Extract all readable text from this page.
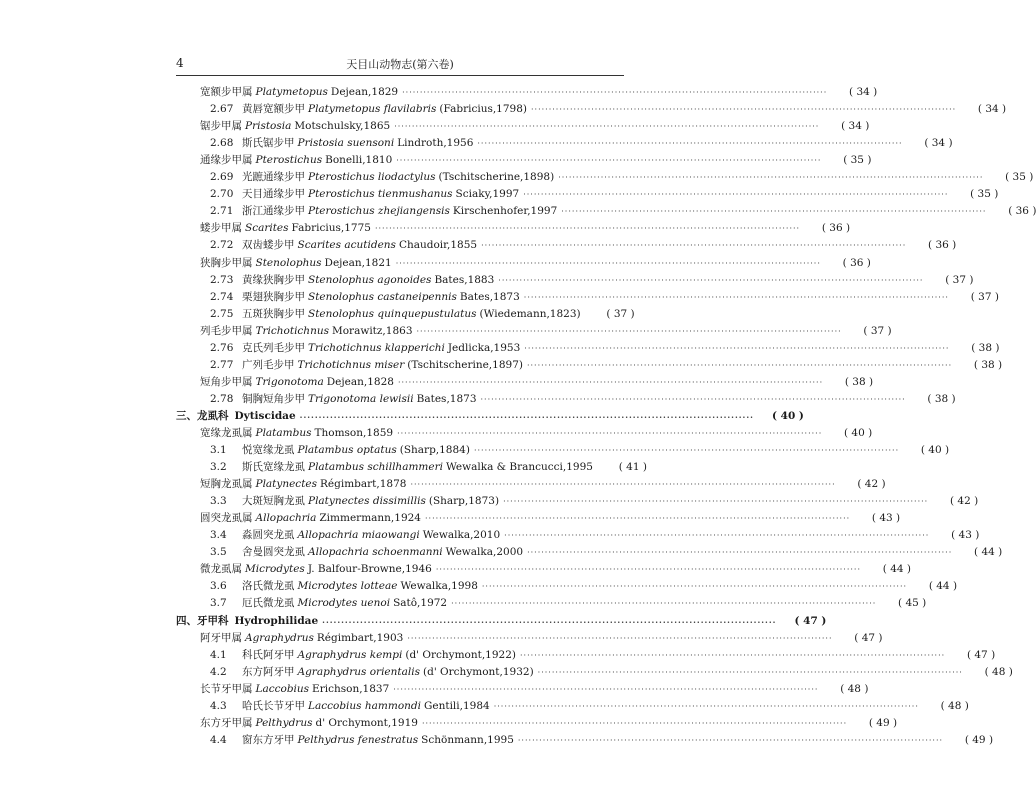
4	天目山动物志(第六卷)
宽额步甲属 Platymetopus Dejean,1829 ························································································································	( 34 )
2.67 黄唇宽额步甲 Platymetopus flavilabris (Fabricius,1798) ························································································································	( 34 )
锯步甲属 Pristosia Motschulsky,1865 ························································································································	( 34 )
2.68 斯氏锯步甲 Pristosia suensoni Lindroth,1956 ························································································································	( 34 )
通缘步甲属 Pterostichus Bonelli,1810 ························································································································	( 35 )
2.69 光蹠通缘步甲 Pterostichus liodactylus (Tschitscherine,1898) ························································································································	( 35 )
2.70 天目通缘步甲 Pterostichus tienmushanus Sciaky,1997 ························································································································	( 35 )
2.71 浙江通缘步甲 Pterostichus zhejiangensis Kirschenhofer,1997 ························································································································	( 36 )
蝼步甲属 Scarites Fabricius,1775 ························································································································	( 36 )
2.72 双齿蝼步甲 Scarites acutidens Chaudoir,1855 ························································································································	( 36 )
狭胸步甲属 Stenolophus Dejean,1821 ························································································································	( 36 )
2.73 黄缘狭胸步甲 Stenolophus agonoides Bates,1883 ························································································································	( 37 )
2.74 栗翅狭胸步甲 Stenolophus castaneipennis Bates,1873 ························································································································	( 37 )
2.75 五斑狭胸步甲 Stenolophus quinquepustulatus (Wiedemann,1823)	( 37 )
列毛步甲属 Trichotichnus Morawitz,1863 ························································································································	( 37 )
2.76 克氏列毛步甲 Trichotichnus klapperichi Jedlicka,1953 ························································································································	( 38 )
2.77 广列毛步甲 Trichotichnus miser (Tschitscherine,1897) ························································································································	( 38 )
短角步甲属 Trigonotoma Dejean,1828 ························································································································	( 38 )
2.78 铜胸短角步甲 Trigonotoma lewisii Bates,1873 ························································································································	( 38 )
三、龙虱科 Dytiscidae ························································································································	( 40 )
宽缘龙虱属 Platambus Thomson,1859 ························································································································	( 40 )
3.1 悦宽缘龙虱 Platambus optatus (Sharp,1884) ························································································································	( 40 )
3.2 斯氏宽缘龙虱 Platambus schillhammeri Wewalka & Brancucci,1995	( 41 )
短胸龙虱属 Platynectes Régimbart,1878 ························································································································	( 42 )
3.3 大斑短胸龙虱 Platynectes dissimillis (Sharp,1873) ························································································································	( 42 )
圆突龙虱属 Allopachria Zimmermann,1924 ························································································································	( 43 )
3.4 淼圆突龙虱 Allopachria miaowangi Wewalka,2010 ························································································································	( 43 )
3.5 舍曼圆突龙虱 Allopachria schoenmanni Wewalka,2000 ························································································································	( 44 )
微龙虱属 Microdytes J. Balfour-Browne,1946 ························································································································	( 44 )
3.6 洛氏微龙虱 Microdytes lotteae Wewalka,1998 ························································································································	( 44 )
3.7 厄氏微龙虱 Microdytes uenoi Satô,1972 ························································································································	( 45 )
四、牙甲科 Hydrophilidae ························································································································	( 47 )
阿牙甲属 Agraphydrus Régimbart,1903 ························································································································	( 47 )
4.1 科氏阿牙甲 Agraphydrus kempi (d' Orchymont,1922) ························································································································	( 47 )
4.2 东方阿牙甲 Agraphydrus orientalis (d' Orchymont,1932) ························································································································	( 48 )
长节牙甲属 Laccobius Erichson,1837 ························································································································	( 48 )
4.3 哈氏长节牙甲 Laccobius hammondi Gentili,1984 ························································································································	( 48 )
东方牙甲属 Pelthydrus d' Orchymont,1919 ························································································································	( 49 )
4.4 窗东方牙甲 Pelthydrus fenestratus Schönmann,1995 ························································································································	( 49 )
